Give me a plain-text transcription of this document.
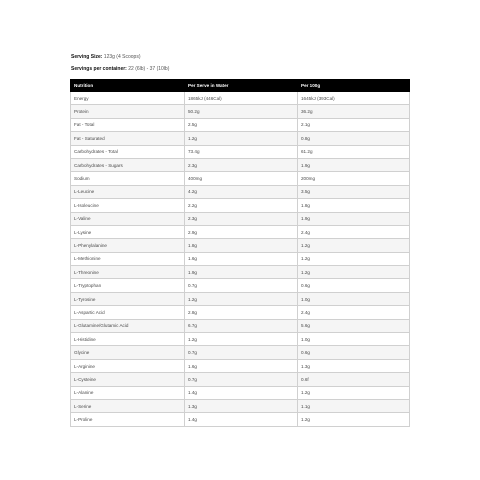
Serving Size: 123g (4 Scoops)
Servings per container: 22 (6lb) - 37 (10lb)
Nutrition	Per Serve in Water	Per 100g
Energy	1865kJ (446Cal)	1645kJ (393Cal)
Protein	50.2g	36.2g
Fat - Total	2.5g	2.1g
Fat - Saturated	1.2g	0.8g
Carbohydrates - Total	73.4g	61.2g
Carbohydrates - Sugars	2.3g	1.9g
Sodium	400mg	200mg
L-Leucine	4.2g	3.5g
L-Isoleucine	2.2g	1.8g
L-Valine	2.3g	1.9g
L-Lysine	2.9g	2.4g
L-Phenylalanine	1.8g	1.2g
L-Methionine	1.6g	1.2g
L-Threonine	1.9g	1.2g
L-Tryptophan	0.7g	0.6g
L-Tyrosine	1.2g	1.0g
L-Aspartic Acid	2.8g	2.4g
L-Glutamine/Glutamic Acid	6.7g	5.6g
L-Histidine	1.2g	1.0g
Glycine	0.7g	0.6g
L-Arginine	1.6g	1.3g
L-Cysteine	0.7g	0.6f
L-Alanine	1.4g	1.2g
L-Serine	1.3g	1.1g
L-Proline	1.4g	1.2g
